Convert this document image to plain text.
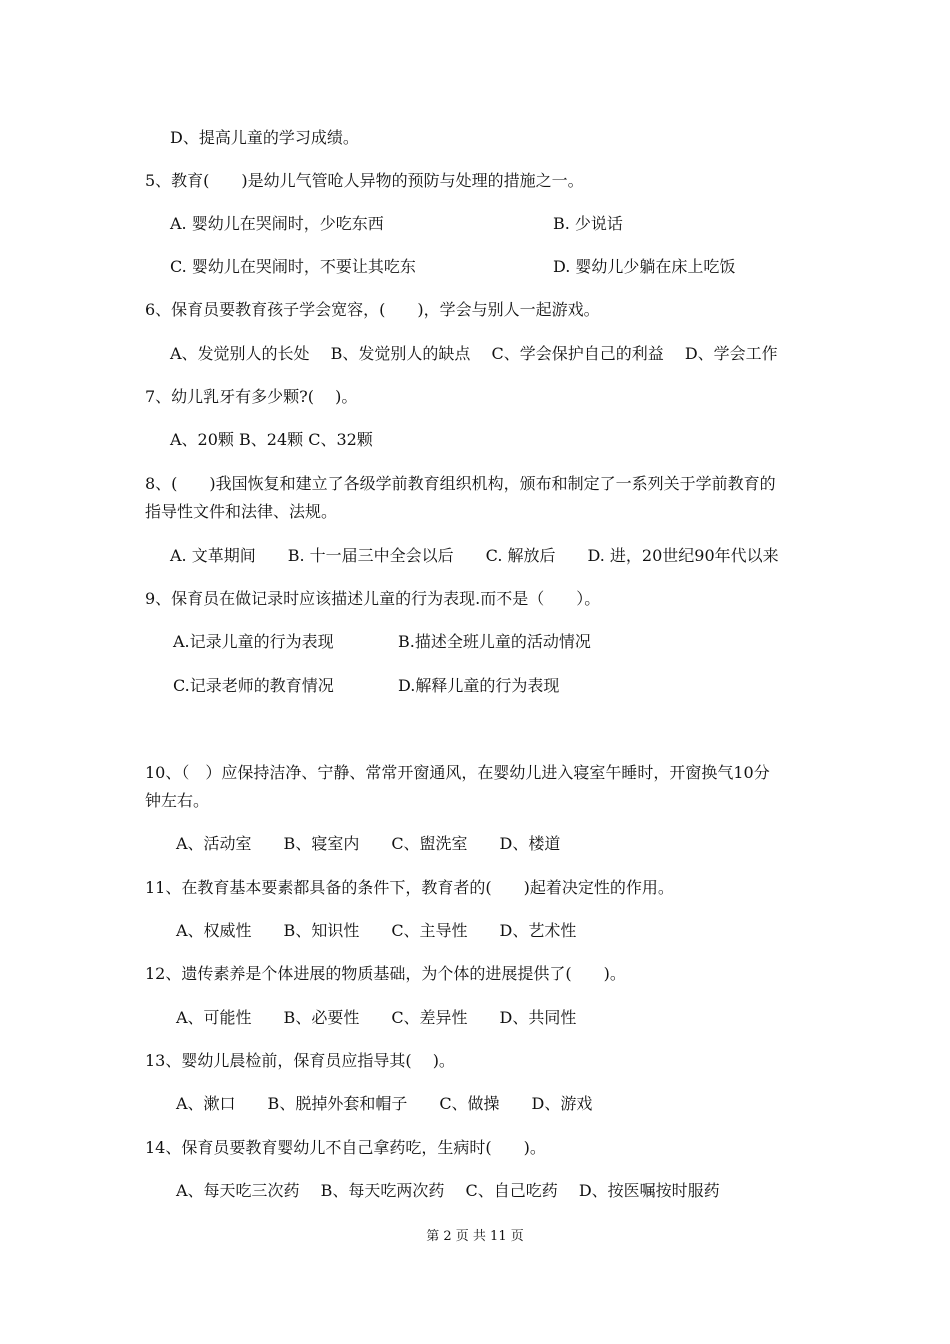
D、提高儿童的学习成绩。
5、教育(　　)是幼儿气管呛人异物的预防与处理的措施之一。
A. 婴幼儿在哭闹时，少吃东西	B. 少说话
C. 婴幼儿在哭闹时，不要让其吃东	D. 婴幼儿少躺在床上吃饭
6、保育员要教育孩子学会宽容，(　　)，学会与别人一起游戏。
A、发觉别人的长处　 B、发觉别人的缺点　 C、学会保护自己的利益　 D、学会工作
7、幼儿乳牙有多少颗?(　 )。
A、20颗 B、24颗 C、32颗
8、(　　)我国恢复和建立了各级学前教育组织机构，颁布和制定了一系列关于学前教育的
指导性文件和法律、法规。
A. 文革期间　　B. 十一届三中全会以后　　C. 解放后　　D. 进，20世纪90年代以来
9、保育员在做记录时应该描述儿童的行为表现.而不是（　　）。
A.记录儿童的行为表现	B.描述全班儿童的活动情况
C.记录老师的教育情况	D.解释儿童的行为表现
10、（　）应保持洁净、宁静、常常开窗通风，在婴幼儿进入寝室午睡时，开窗换气10分
钟左右。
A、活动室　　B、寝室内　　C、盥洗室　　D、楼道
11、在教育基本要素都具备的条件下，教育者的(　　)起着决定性的作用。
A、权威性　　B、知识性　　C、主导性　　D、艺术性
12、遗传素养是个体进展的物质基础，为个体的进展提供了(　　)。
A、可能性　　B、必要性　　C、差异性　　D、共同性
13、婴幼儿晨检前，保育员应指导其(　 )。
A、漱口　　B、脱掉外套和帽子　　C、做操　　D、游戏
14、保育员要教育婴幼儿不自己拿药吃，生病时(　　)。
A、每天吃三次药　 B、每天吃两次药　 C、自己吃药　 D、按医嘱按时服药
第 2 页 共 11 页
